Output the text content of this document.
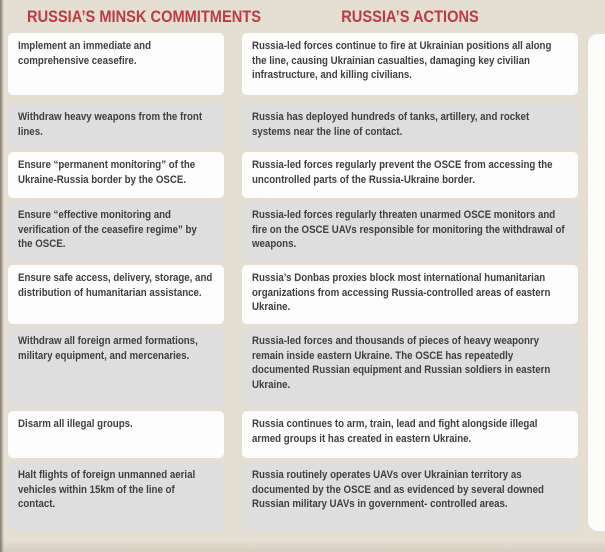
RUSSIA’S MINSK COMMITMENTS	RUSSIA’S ACTIONS
Implement an immediate and comprehensive ceasefire.
Russia-led forces continue to fire at Ukrainian positions all along the line, causing Ukrainian casualties, damaging key civilian infrastructure, and killing civilians.
Withdraw heavy weapons from the front lines.
Russia has deployed hundreds of tanks, artillery, and rocket systems near the line of contact.
Ensure “permanent monitoring” of the Ukraine-Russia border by the OSCE.
Russia-led forces regularly prevent the OSCE from accessing the uncontrolled parts of the Russia-Ukraine border.
Ensure “effective monitoring and verification of the ceasefire regime” by the OSCE.
Russia-led forces regularly threaten unarmed OSCE monitors and fire on the OSCE UAVs responsible for monitoring the withdrawal of weapons.
Ensure safe access, delivery, storage, and distribution of humanitarian assistance.
Russia’s Donbas proxies block most international humanitarian organizations from accessing Russia-controlled areas of eastern Ukraine.
Withdraw all foreign armed formations, military equipment, and mercenaries.
Russia-led forces and thousands of pieces of heavy weaponry remain inside eastern Ukraine. The OSCE has repeatedly documented Russian equipment and Russian soldiers in eastern Ukraine.
Disarm all illegal groups.	Russia continues to arm, train, lead and fight alongside illegal armed groups it has created in eastern Ukraine.
Halt flights of foreign unmanned aerial vehicles within 15km of the line of contact.
Russia routinely operates UAVs over Ukrainian territory as documented by the OSCE and as evidenced by several downed Russian military UAVs in government- controlled areas.
